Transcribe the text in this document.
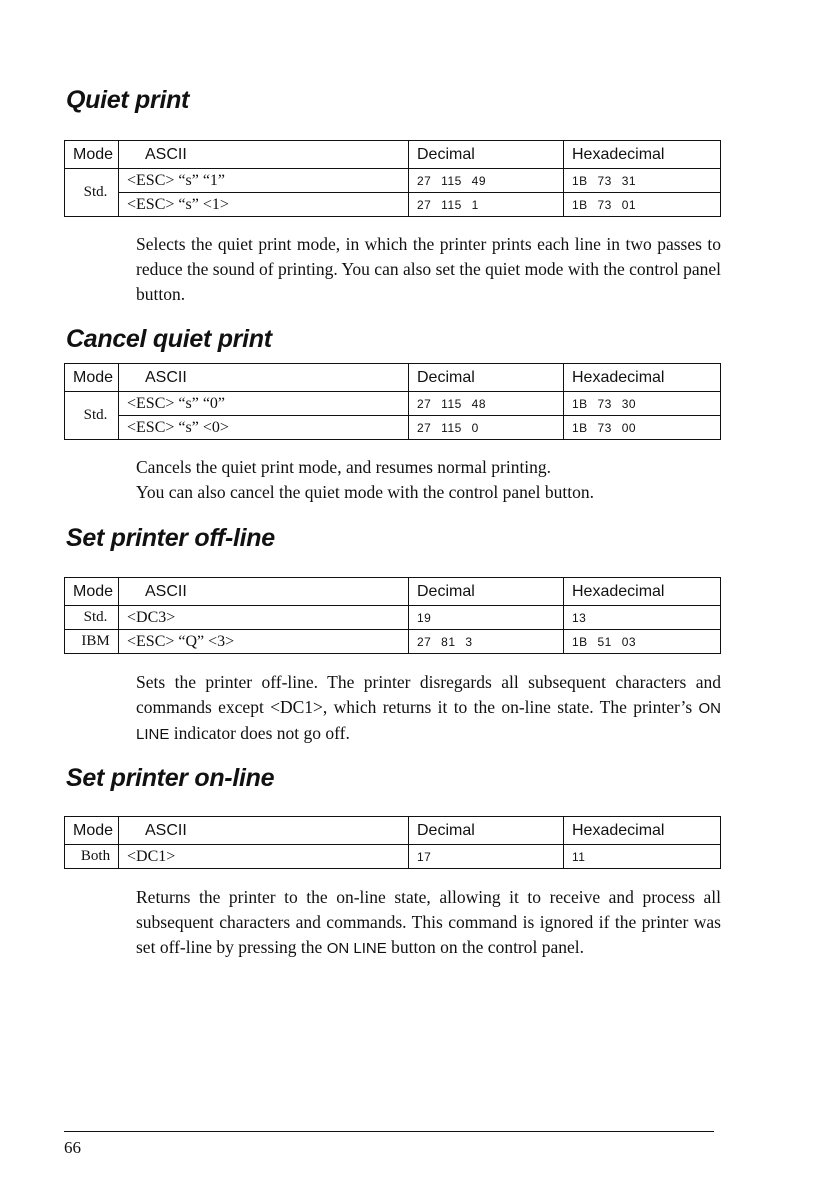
Quiet print
Mode	ASCII	Decimal	Hexadecimal
Std.	<ESC> “s” “1”	27 115 49	1B 73 31
	<ESC> “s” <1>	27 115 1	1B 73 01

Selects the quiet print mode, in which the printer prints each line in two passes to reduce the sound of printing. You can also set the quiet mode with the control panel button.

Cancel quiet print
Mode	ASCII	Decimal	Hexadecimal
Std.	<ESC> “s” “0”	27 115 48	1B 73 30
	<ESC> “s” <0>	27 115 0	1B 73 00

Cancels the quiet print mode, and resumes normal printing.
You can also cancel the quiet mode with the control panel button.

Set printer off-line
Mode	ASCII	Decimal	Hexadecimal
Std.	<DC3>	19	13
IBM	<ESC> “Q” <3>	27 81 3	1B 51 03

Sets the printer off-line. The printer disregards all subsequent characters and commands except <DC1>, which returns it to the on-line state. The printer’s ON LINE indicator does not go off.

Set printer on-line
Mode	ASCII	Decimal	Hexadecimal
Both	<DC1>	17	11

Returns the printer to the on-line state, allowing it to receive and process all subsequent characters and commands. This command is ignored if the printer was set off-line by pressing the ON LINE button on the control panel.

66
